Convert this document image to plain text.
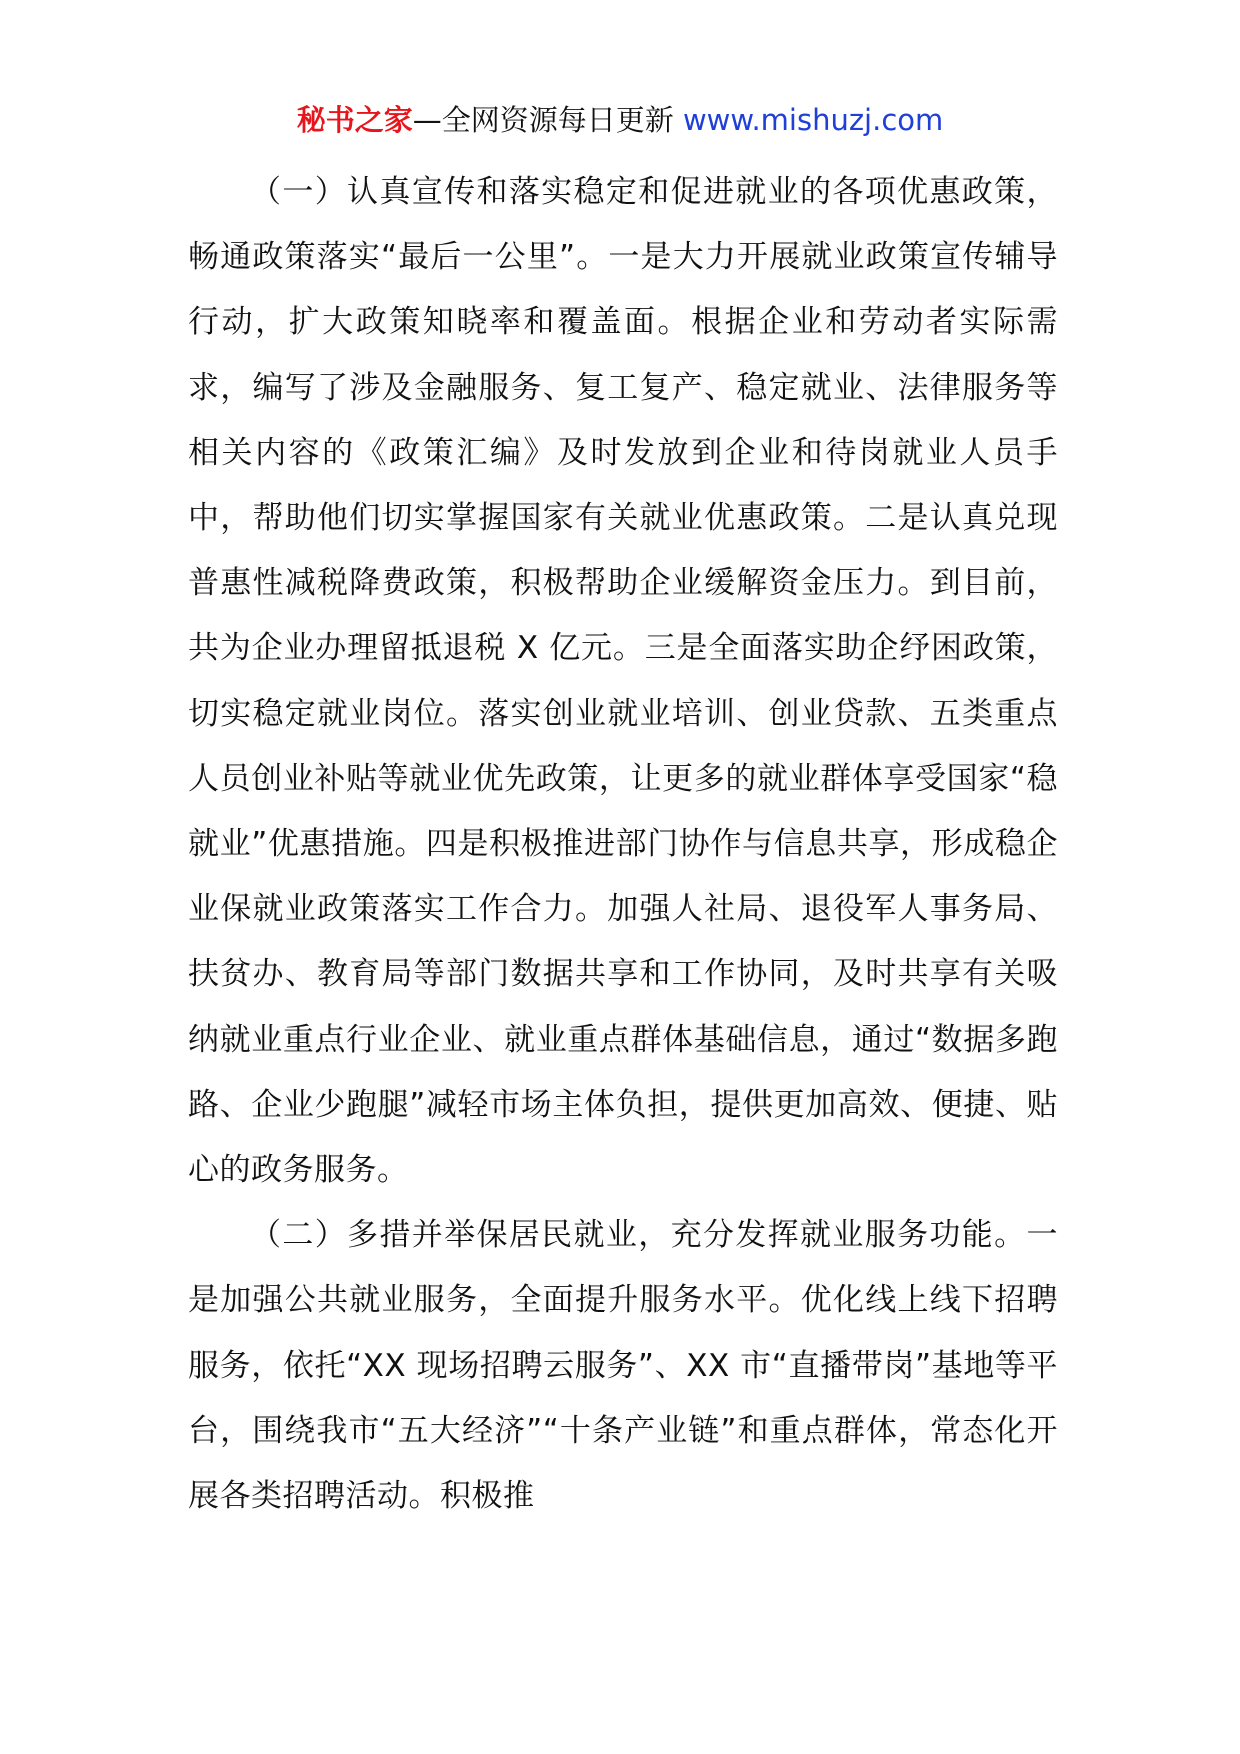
秘书之家—全网资源每日更新 www.mishuzj.com

（一）认真宣传和落实稳定和促进就业的各项优惠政策，畅通政策落实“最后一公里”。一是大力开展就业政策宣传辅导行动，扩大政策知晓率和覆盖面。根据企业和劳动者实际需求，编写了涉及金融服务、复工复产、稳定就业、法律服务等相关内容的《政策汇编》及时发放到企业和待岗就业人员手中，帮助他们切实掌握国家有关就业优惠政策。二是认真兑现普惠性减税降费政策，积极帮助企业缓解资金压力。到目前，共为企业办理留抵退税 X 亿元。三是全面落实助企纾困政策，切实稳定就业岗位。落实创业就业培训、创业贷款、五类重点人员创业补贴等就业优先政策，让更多的就业群体享受国家“稳就业”优惠措施。四是积极推进部门协作与信息共享，形成稳企业保就业政策落实工作合力。加强人社局、退役军人事务局、扶贫办、教育局等部门数据共享和工作协同，及时共享有关吸纳就业重点行业企业、就业重点群体基础信息，通过“数据多跑路、企业少跑腿”减轻市场主体负担，提供更加高效、便捷、贴心的政务服务。

（二）多措并举保居民就业，充分发挥就业服务功能。一是加强公共就业服务，全面提升服务水平。优化线上线下招聘服务，依托“XX 现场招聘云服务”、XX 市“直播带岗”基地等平台，围绕我市“五大经济”“十条产业链”和重点群体，常态化开展各类招聘活动。积极推
